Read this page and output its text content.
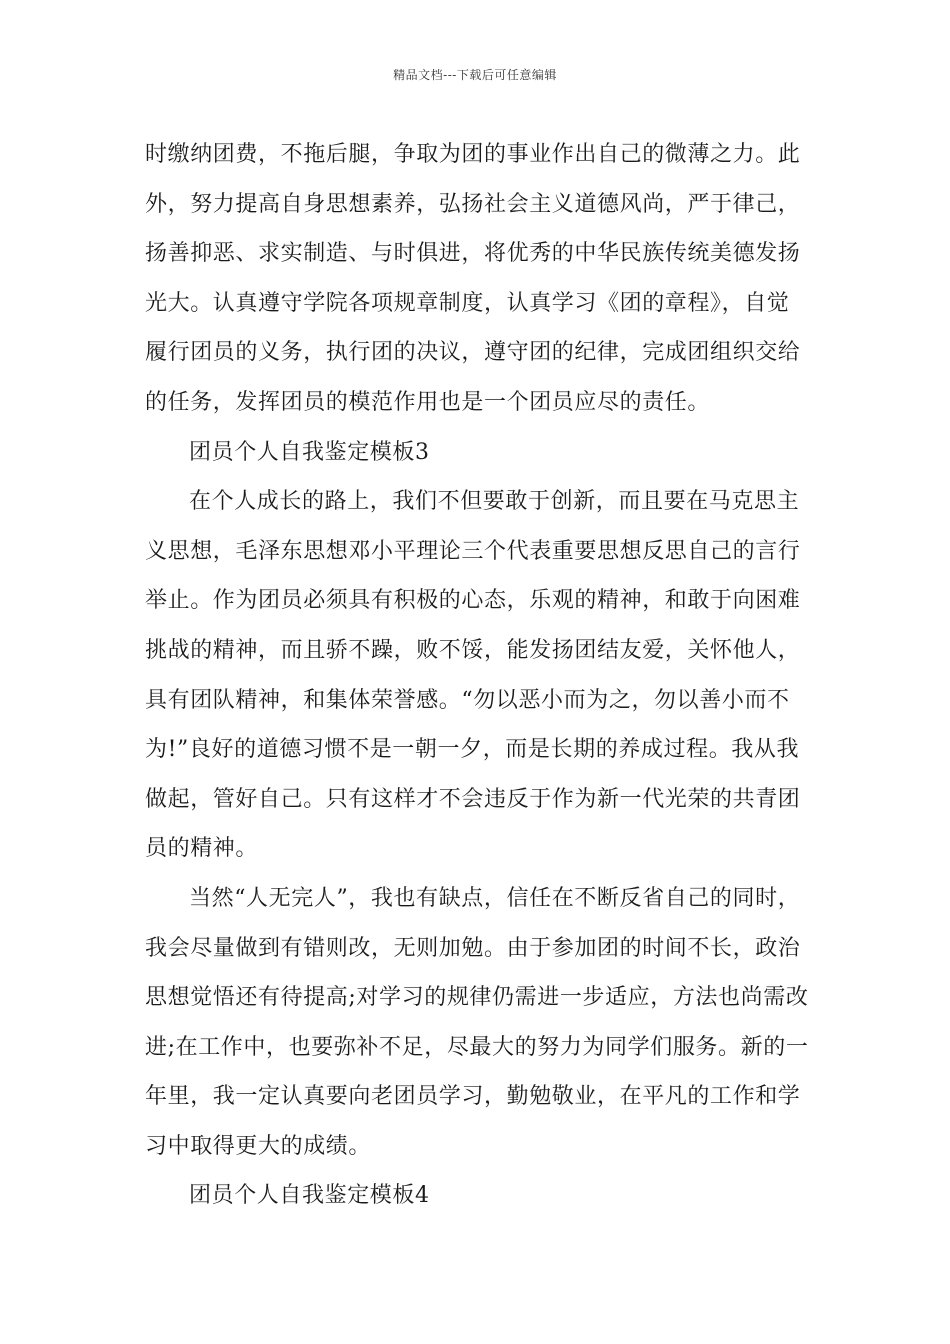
精品文档---下载后可任意编辑
时缴纳团费，不拖后腿，争取为团的事业作出自己的微薄之力。此
外，努力提高自身思想素养，弘扬社会主义道德风尚，严于律己，
扬善抑恶、求实制造、与时俱进，将优秀的中华民族传统美德发扬
光大。认真遵守学院各项规章制度，认真学习《团的章程》，自觉
履行团员的义务，执行团的决议，遵守团的纪律，完成团组织交给
的任务，发挥团员的模范作用也是一个团员应尽的责任。
团员个人自我鉴定模板3
在个人成长的路上，我们不但要敢于创新，而且要在马克思主
义思想，毛泽东思想邓小平理论三个代表重要思想反思自己的言行
举止。作为团员必须具有积极的心态，乐观的精神，和敢于向困难
挑战的精神，而且骄不躁，败不馁，能发扬团结友爱，关怀他人，
具有团队精神，和集体荣誉感。“勿以恶小而为之，勿以善小而不
为!”良好的道德习惯不是一朝一夕，而是长期的养成过程。我从我
做起，管好自己。只有这样才不会违反于作为新一代光荣的共青团
员的精神。
当然“人无完人”，我也有缺点，信任在不断反省自己的同时，
我会尽量做到有错则改，无则加勉。由于参加团的时间不长，政治
思想觉悟还有待提高;对学习的规律仍需进一步适应，方法也尚需改
进;在工作中，也要弥补不足，尽最大的努力为同学们服务。新的一
年里，我一定认真要向老团员学习，勤勉敬业，在平凡的工作和学
习中取得更大的成绩。
团员个人自我鉴定模板4
